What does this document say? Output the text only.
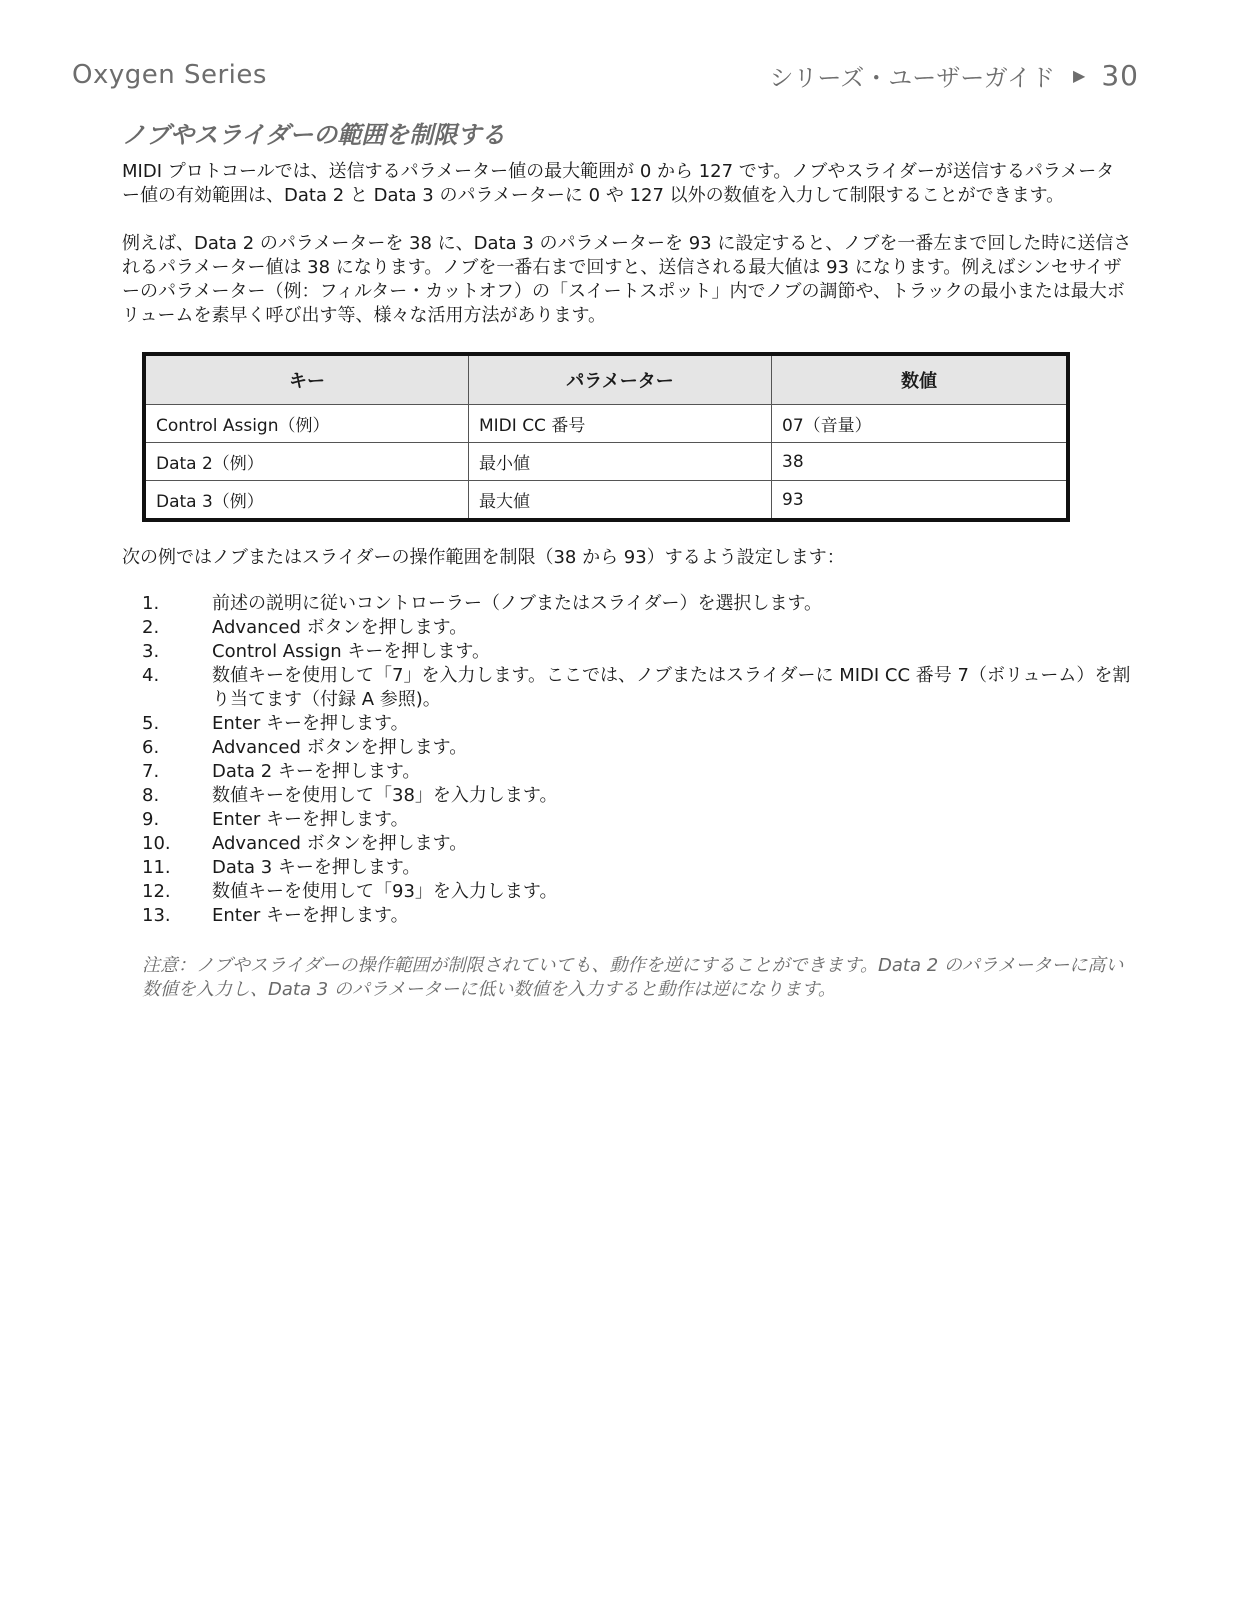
Oxygen Series	シリーズ・ユーザーガイド ▶ 30
ノブやスライダーの範囲を制限する

MIDI プロトコールでは、送信するパラメーター値の最大範囲が 0 から 127 です。ノブやスライダーが送信するパラメーター値の有効範囲は、Data 2 と Data 3 のパラメーターに 0 や 127 以外の数値を入力して制限することができます。

例えば、Data 2 のパラメーターを 38 に、Data 3 のパラメーターを 93 に設定すると、ノブを一番左まで回した時に送信されるパラメーター値は 38 になります。ノブを一番右まで回すと、送信される最大値は 93 になります。例えばシンセサイザーのパラメーター（例：フィルター・カットオフ）の「スイートスポット」内でノブの調節や、トラックの最小または最大ボリュームを素早く呼び出す等、様々な活用方法があります。

キー	パラメーター	数値
Control Assign（例）	MIDI CC 番号	07（音量）
Data 2（例）	最小値	38
Data 3（例）	最大値	93

次の例ではノブまたはスライダーの操作範囲を制限（38 から 93）するよう設定します：

1.	前述の説明に従いコントローラー（ノブまたはスライダー）を選択します。
2.	Advanced ボタンを押します。
3.	Control Assign キーを押します。
4.	数値キーを使用して「7」を入力します。ここでは、ノブまたはスライダーに MIDI CC 番号 7（ボリューム）を割り当てます（付録 A 参照)。
5.	Enter キーを押します。
6.	Advanced ボタンを押します。
7.	Data 2 キーを押します。
8.	数値キーを使用して「38」を入力します。
9.	Enter キーを押します。
10.	Advanced ボタンを押します。
11.	Data 3 キーを押します。
12.	数値キーを使用して「93」を入力します。
13.	Enter キーを押します。

注意：ノブやスライダーの操作範囲が制限されていても、動作を逆にすることができます。Data 2 のパラメーターに高い数値を入力し、Data 3 のパラメーターに低い数値を入力すると動作は逆になります。
